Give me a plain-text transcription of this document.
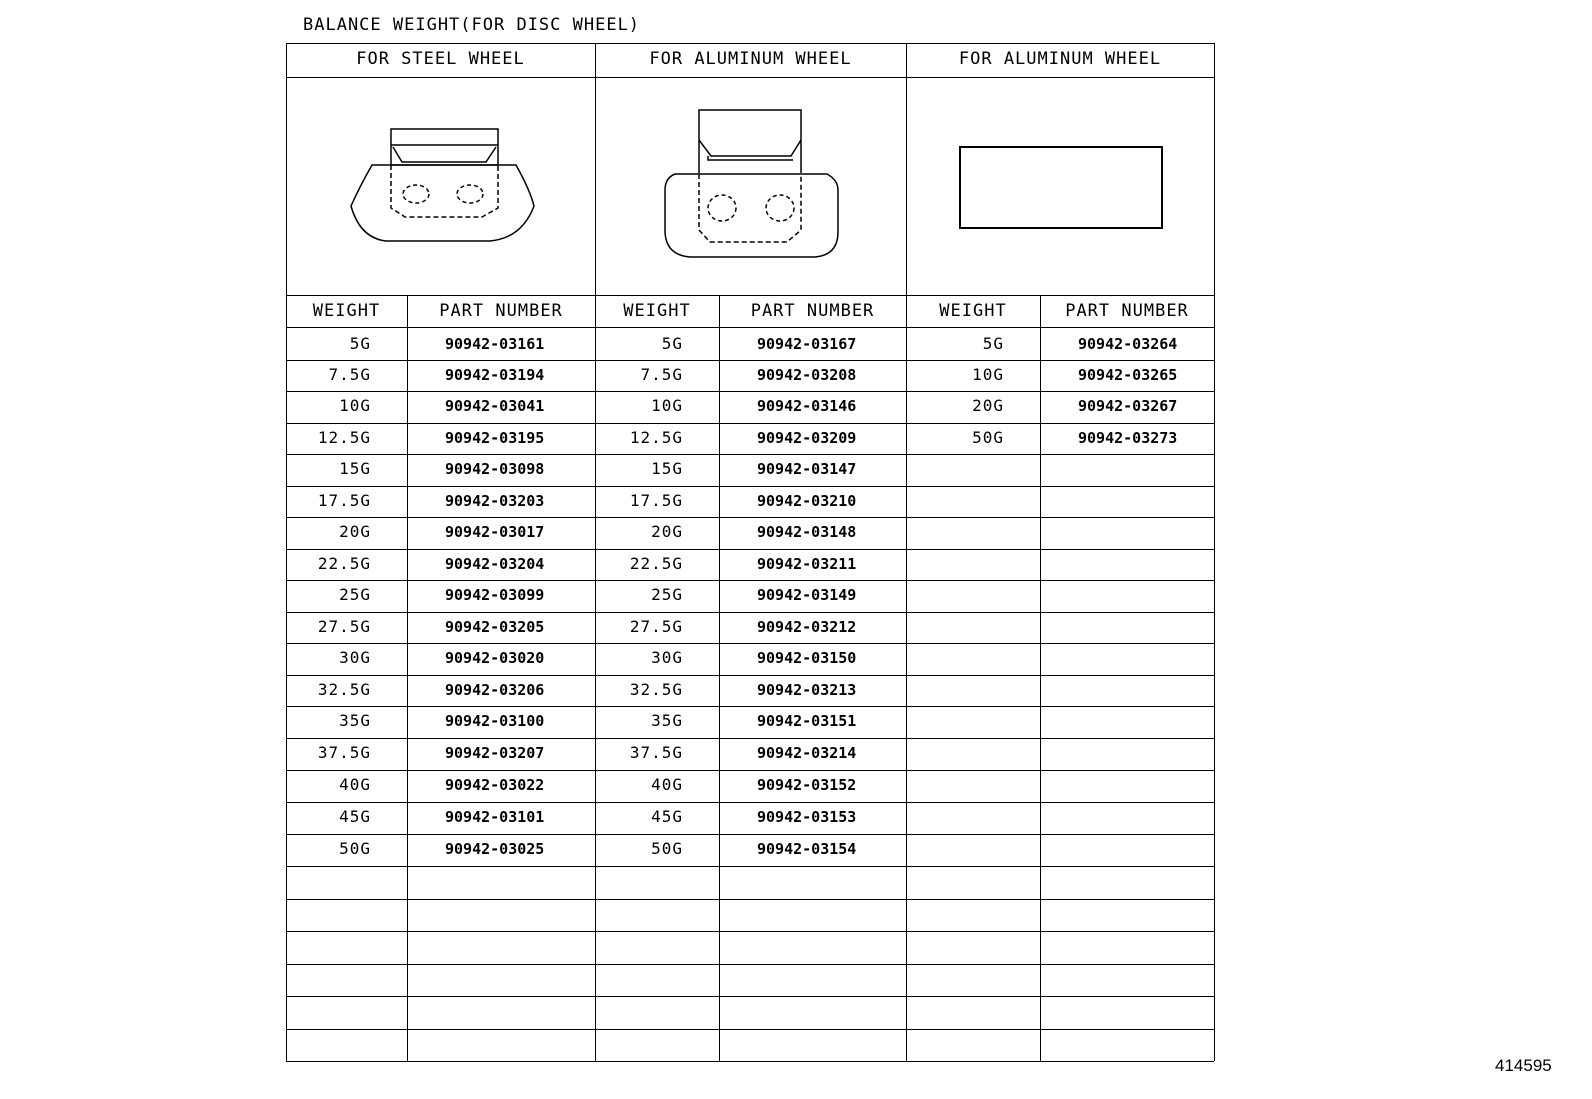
BALANCE WEIGHT(FOR DISC WHEEL)
414595
FOR STEEL WHEEL
WEIGHT	PART NUMBER
5G	90942-03161
7.5G	90942-03194
10G	90942-03041
12.5G	90942-03195
15G	90942-03098
17.5G	90942-03203
20G	90942-03017
22.5G	90942-03204
25G	90942-03099
27.5G	90942-03205
30G	90942-03020
32.5G	90942-03206
35G	90942-03100
37.5G	90942-03207
40G	90942-03022
45G	90942-03101
50G	90942-03025
FOR ALUMINUM WHEEL
WEIGHT	PART NUMBER
5G	90942-03167
7.5G	90942-03208
10G	90942-03146
12.5G	90942-03209
15G	90942-03147
17.5G	90942-03210
20G	90942-03148
22.5G	90942-03211
25G	90942-03149
27.5G	90942-03212
30G	90942-03150
32.5G	90942-03213
35G	90942-03151
37.5G	90942-03214
40G	90942-03152
45G	90942-03153
50G	90942-03154
FOR ALUMINUM WHEEL
WEIGHT	PART NUMBER
5G	90942-03264
10G	90942-03265
20G	90942-03267
50G	90942-03273
